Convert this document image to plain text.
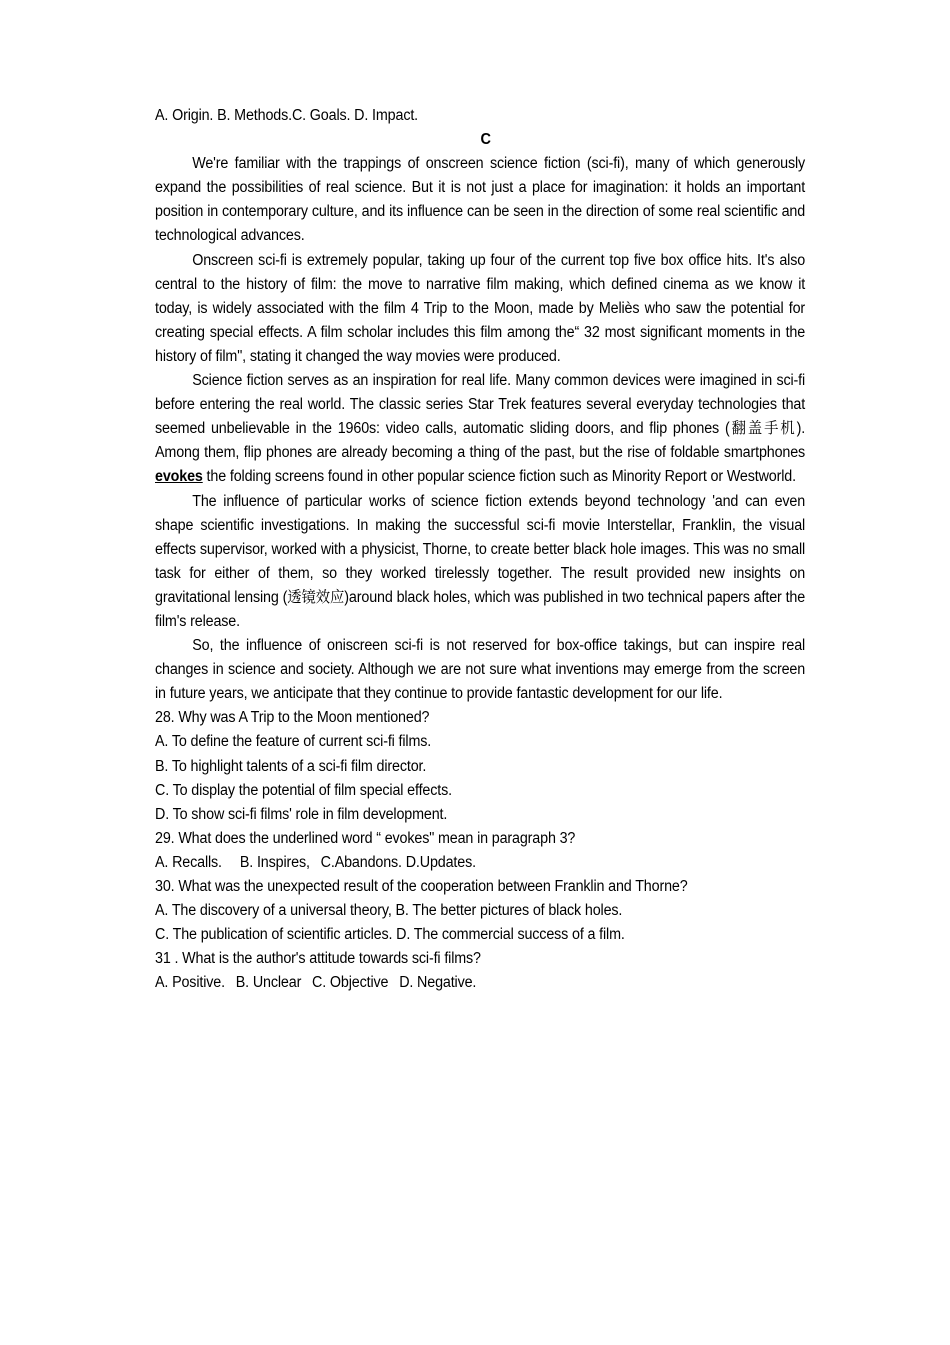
A. Origin. B. Methods.C. Goals. D. Impact.

C

We're familiar with the trappings of onscreen science fiction (sci-fi), many of which generously expand the possibilities of real science. But it is not just a place for imagination: it holds an important position in contemporary culture, and its influence can be seen in the direction of some real scientific and technological advances.

Onscreen sci-fi is extremely popular, taking up four of the current top five box office hits. It's also central to the history of film: the move to narrative film making, which defined cinema as we know it today, is widely associated with the film 4 Trip to the Moon, made by Meliès who saw the potential for creating special effects. A film scholar includes this film among the“ 32 most significant moments in the history of film", stating it changed the way movies were produced.

Science fiction serves as an inspiration for real life. Many common devices were imagined in sci-fi before entering the real world. The classic series Star Trek features several everyday technologies that seemed unbelievable in the 1960s: video calls, automatic sliding doors, and flip phones (翻盖手机). Among them, flip phones are already becoming a thing of the past, but the rise of foldable smartphones evokes the folding screens found in other popular science fiction such as Minority Report or Westworld.

The influence of particular works of science fiction extends beyond technology 'and can even shape scientific investigations. In making the successful sci-fi movie Interstellar, Franklin, the visual effects supervisor, worked with a physicist, Thorne, to create better black hole images. This was no small task for either of them, so they worked tirelessly together. The result provided new insights on gravitational lensing (透镜效应)around black holes, which was published in two technical papers after the film's release.

So, the influence of oniscreen sci-fi is not reserved for box-office takings, but can inspire real changes in science and society. Although we are not sure what inventions may emerge from the screen in future years, we anticipate that they continue to provide fantastic development for our life.

28. Why was A Trip to the Moon mentioned?

A. To define the feature of current sci-fi films.

B. To highlight talents of a sci-fi film director.

C. To display the potential of film special effects.

D. To show sci-fi films' role in film development.

29. What does the underlined word “ evokes" mean in paragraph 3?

A. Recalls.  B. Inspires,  C.Abandons. D.Updates.

30. What was the unexpected result of the cooperation between Franklin and Thorne?

A. The discovery of a universal theory, B. The better pictures of black holes.

C. The publication of scientific articles. D. The commercial success of a film.

31 . What is the author's attitude towards sci-fi films?

A. Positive.  B. Unclear  C. Objective  D. Negative.
